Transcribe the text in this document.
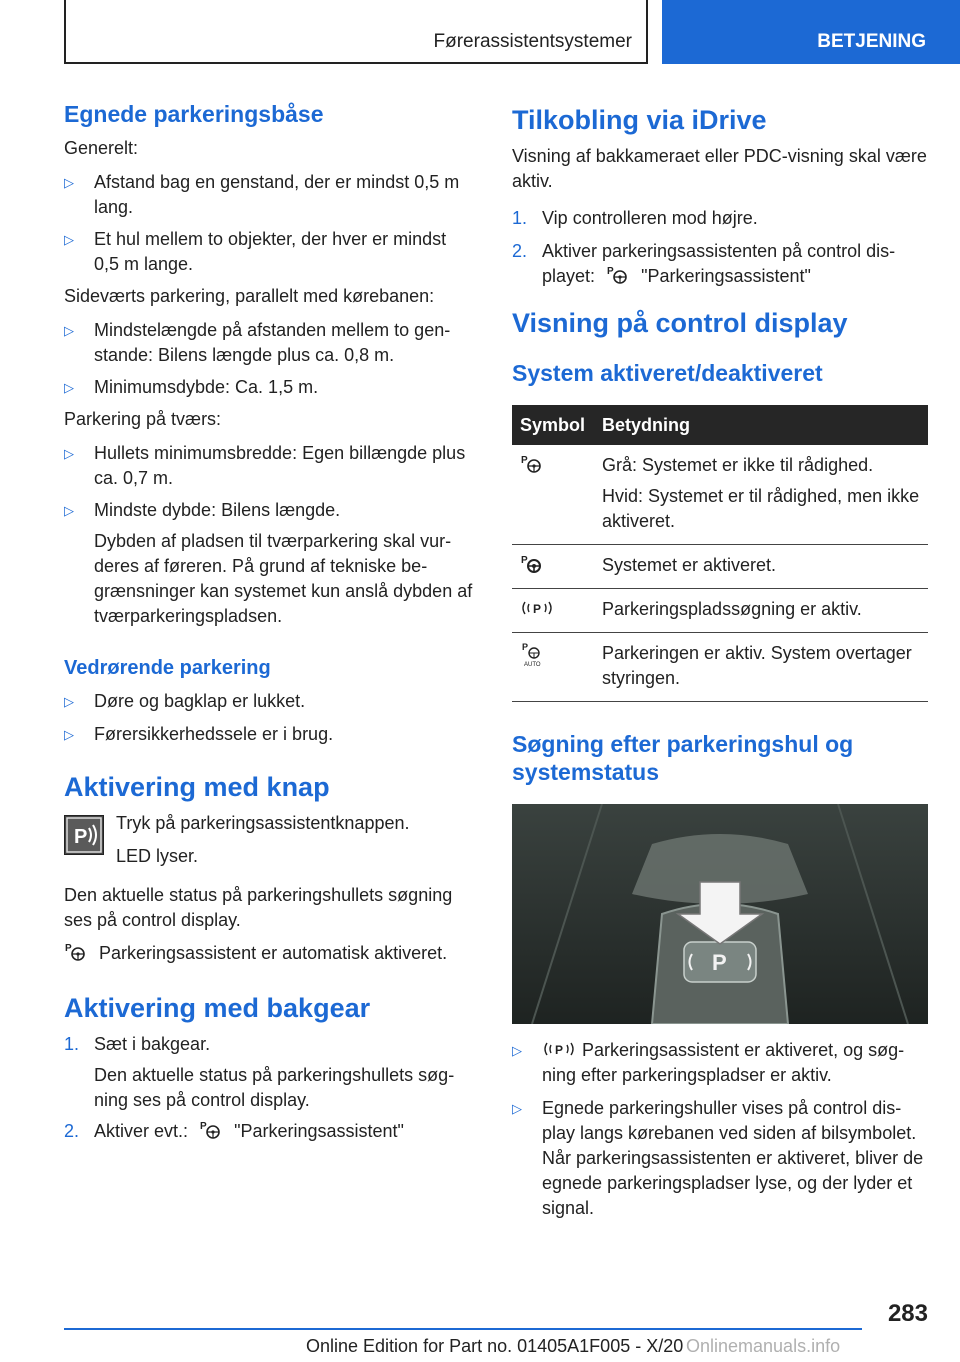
Førerassistentsystemer	BETJENING
Egnede parkeringsbåse

Generelt:

▷ Afstand bag en genstand, der er mindst 0,5 m lang.
▷ Et hul mellem to objekter, der hver er mindst 0,5 m lange.

Sideværts parkering, parallelt med kørebanen:

▷ Mindstelængde på afstanden mellem to genstande: Bilens længde plus ca. 0,8 m.
▷ Minimumsdybde: Ca. 1,5 m.

Parkering på tværs:

▷ Hullets minimumsbredde: Egen billængde plus ca. 0,7 m.
▷ Mindste dybde: Bilens længde.
Dybden af pladsen til tværparkering skal vurderes af føreren. På grund af tekniske begrænsninger kan systemet kun anslå dybden af tværparkeringspladsen.
Vedrørende parkering
▷ Døre og bagklap er lukket.
▷ Førersikkerhedssele er i brug.
Aktivering med knap
P

Tryk på parkeringsassistentknappen.

LED lyser.

Den aktuelle status på parkeringshullets søgning ses på control display.

P Parkeringsassistent er automatisk aktiveret.

Aktivering med bakgear
1. Sæt i bakgear.
Den aktuelle status på parkeringshullets søgning ses på control display.
2. Aktiver evt.: P "Parkeringsassistent"
Tilkobling via iDrive

Visning af bakkameraet eller PDC-visning skal være aktiv.

1. Vip controlleren mod højre.
2. Aktiver parkeringsassistenten på control displayet: P "Parkeringsassistent"
Visning på control display
System aktiveret/deaktiveret
Symbol	Betydning

P	Grå: Systemet er ikke til rådighed.
Hvid: Systemet er til rådighed, men ikke aktiveret.

P	Systemet er aktiveret.

P	Parkeringspladssøgning er aktiv.

P
AUTO	Parkeringen er aktiv. System overtager styringen.
Søgning efter parkeringshul og systemstatus
P
▷	P Parkeringsassistent er aktiveret, og søgning efter parkeringspladser er aktiv.
▷ Egnede parkeringshuller vises på control display langs kørebanen ved siden af bilsymbolet. Når parkeringsassistenten er aktiveret, bliver de egnede parkeringspladser lyse, og der lyder et signal.
283
Online Edition for Part no. 01405A1F005 - X/20 Onlinemanuals.info
